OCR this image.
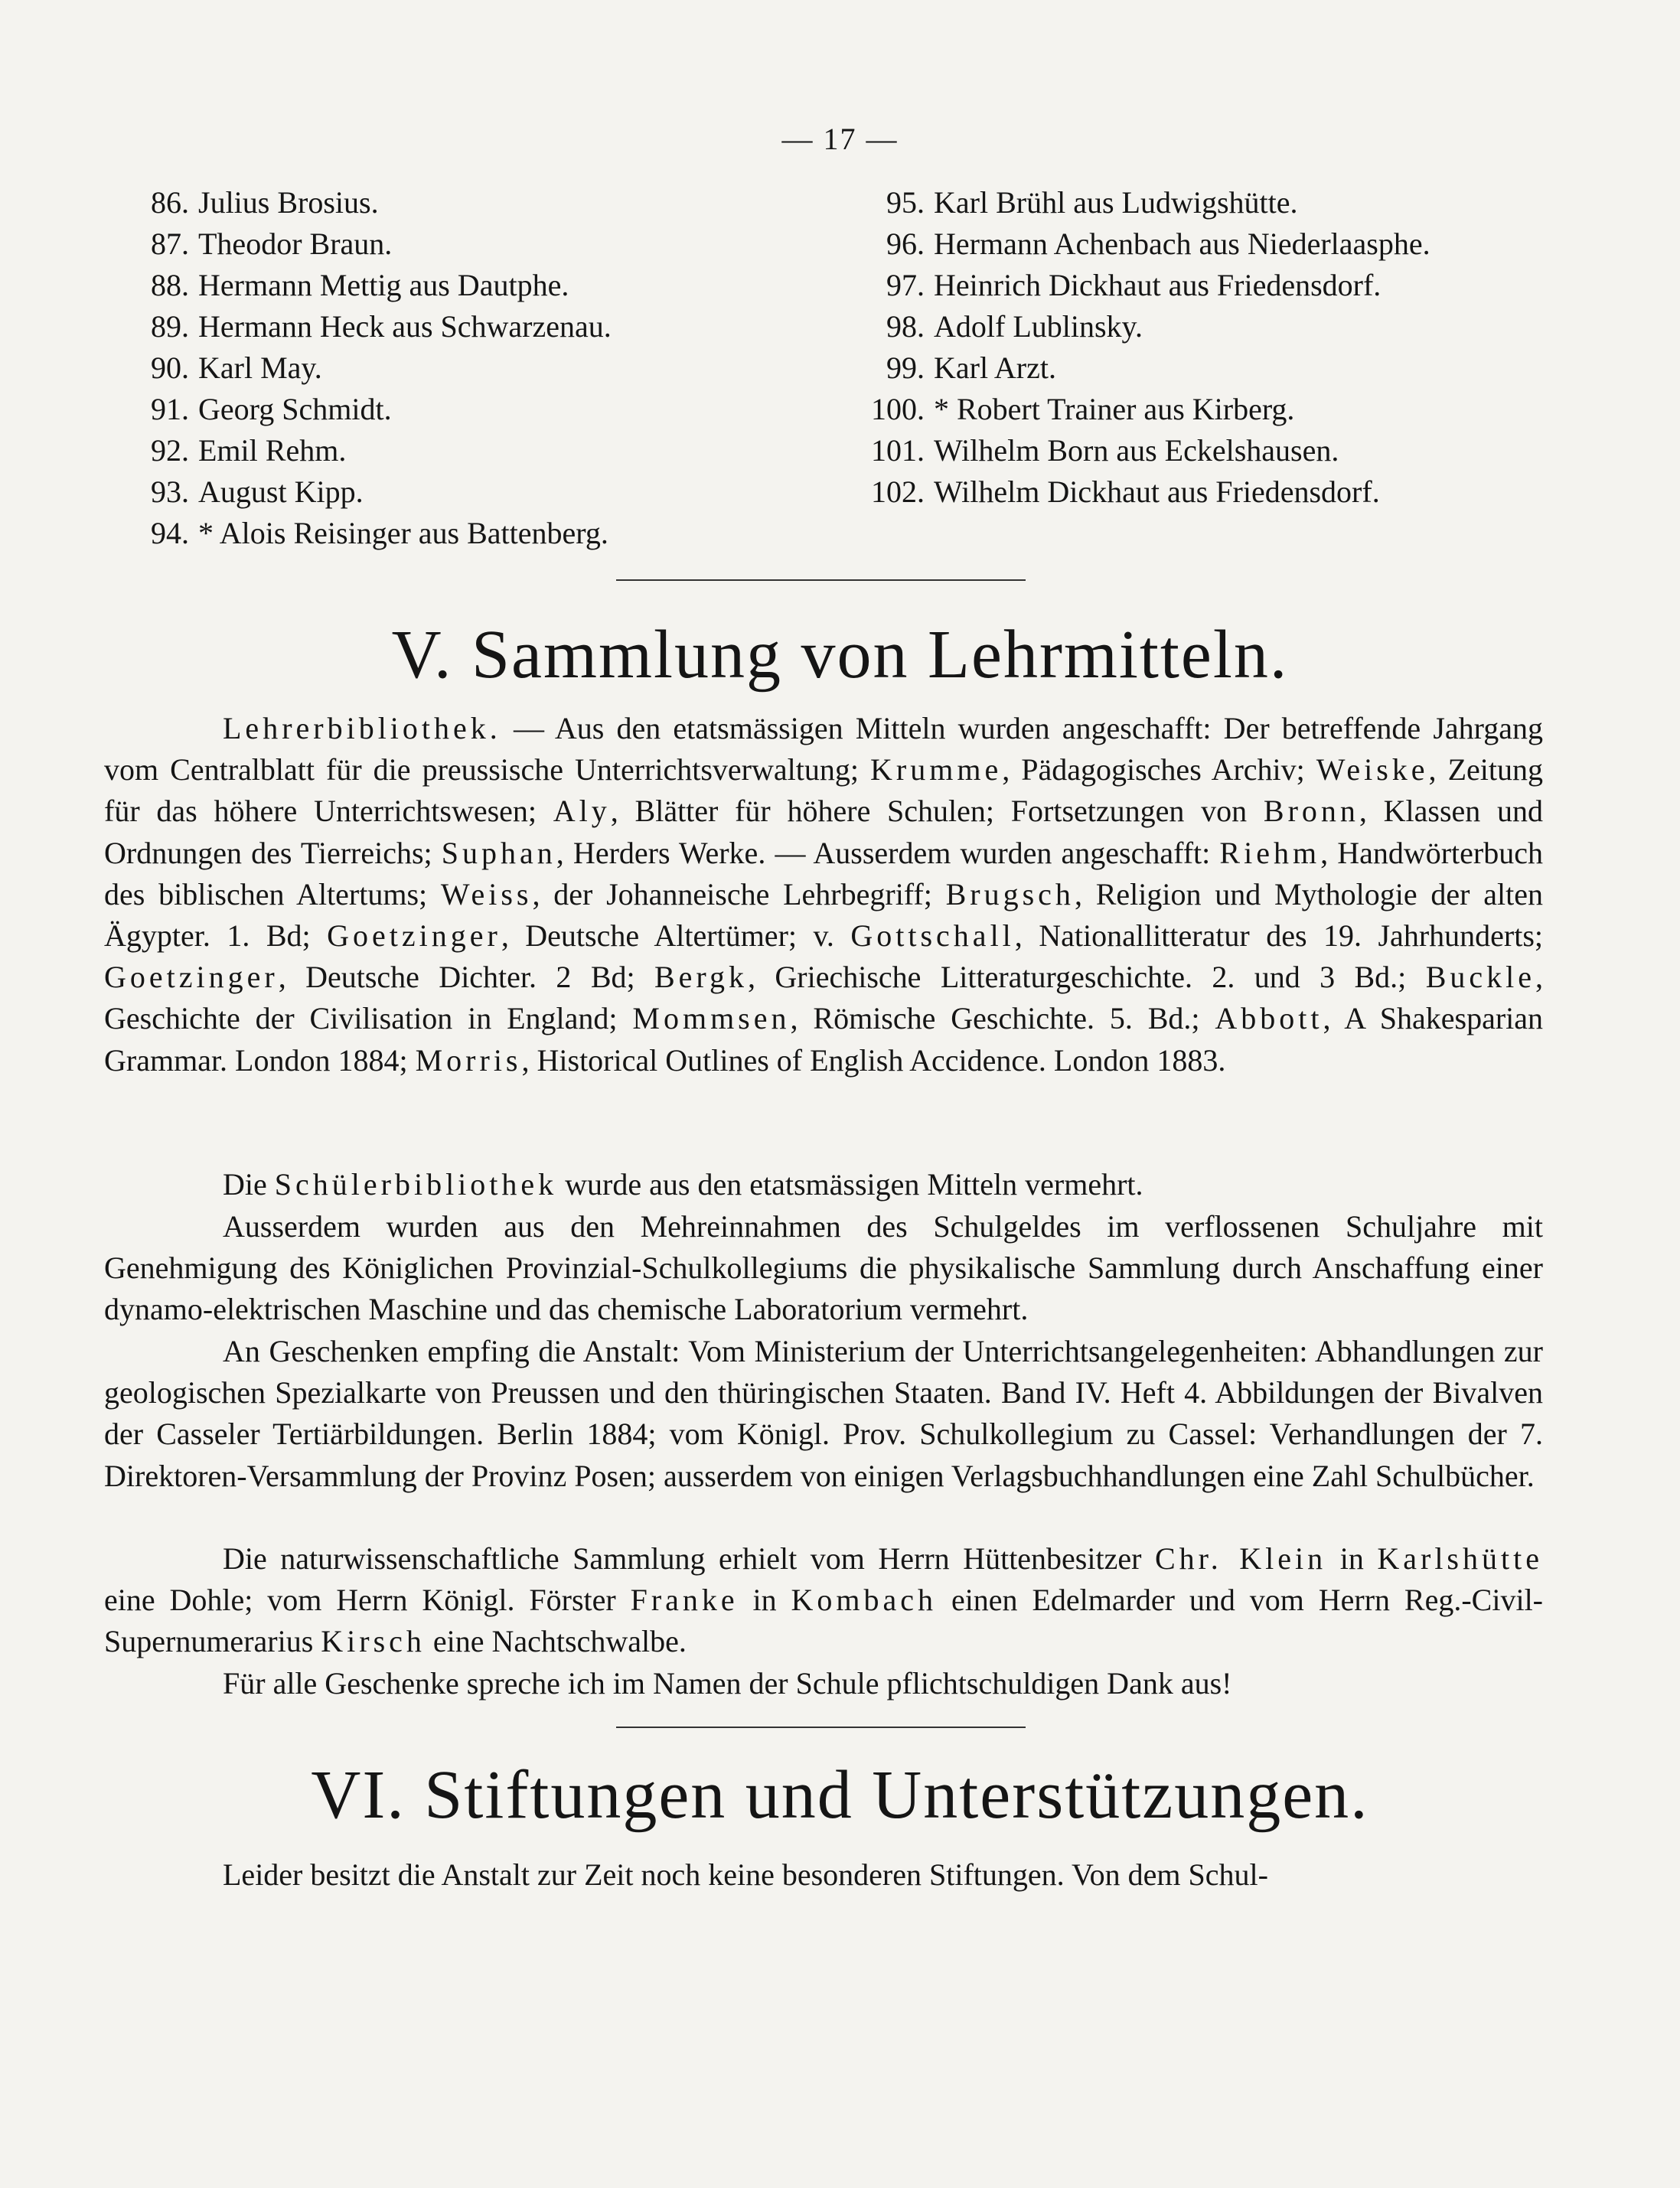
— 17 —
86. Julius Brosius.
87. Theodor Braun.
88. Hermann Mettig aus Dautphe.
89. Hermann Heck aus Schwarzenau.
90. Karl May.
91. Georg Schmidt.
92. Emil Rehm.
93. August Kipp.
94. * Alois Reisinger aus Battenberg.
95. Karl Brühl aus Ludwigshütte.
96. Hermann Achenbach aus Niederlaasphe.
97. Heinrich Dickhaut aus Friedensdorf.
98. Adolf Lublinsky.
99. Karl Arzt.
100. * Robert Trainer aus Kirberg.
101. Wilhelm Born aus Eckelshausen.
102. Wilhelm Dickhaut aus Friedensdorf.
V. Sammlung von Lehrmitteln.

Lehrerbibliothek. — Aus den etatsmässigen Mitteln wurden angeschafft: Der betreffende Jahrgang vom Centralblatt für die preussische Unterrichtsverwaltung; Krumme, Pädagogisches Archiv; Weiske, Zeitung für das höhere Unterrichtswesen; Aly, Blätter für höhere Schulen; Fortsetzungen von Bronn, Klassen und Ordnungen des Tierreichs; Suphan, Herders Werke. — Ausserdem wurden angeschafft: Riehm, Handwörterbuch des biblischen Altertums; Weiss, der Johanneische Lehrbegriff; Brugsch, Religion und Mythologie der alten Ägypter. 1. Bd; Goetzinger, Deutsche Altertümer; v. Gottschall, Nationallitteratur des 19. Jahrhunderts; Goetzinger, Deutsche Dichter. 2 Bd; Bergk, Griechische Litteraturgeschichte. 2. und 3 Bd.; Buckle, Geschichte der Civilisation in England; Mommsen, Römische Geschichte. 5. Bd.; Abbott, A Shakesparian Grammar. London 1884; Morris, Historical Outlines of English Accidence. London 1883.

Die Schülerbibliothek wurde aus den etatsmässigen Mitteln vermehrt.

Ausserdem wurden aus den Mehreinnahmen des Schulgeldes im verflossenen Schuljahre mit Genehmigung des Königlichen Provinzial-Schulkollegiums die physikalische Sammlung durch Anschaffung einer dynamo-elektrischen Maschine und das chemische Laboratorium vermehrt.

An Geschenken empfing die Anstalt: Vom Ministerium der Unterrichtsangelegenheiten: Abhandlungen zur geologischen Spezialkarte von Preussen und den thüringischen Staaten. Band IV. Heft 4. Abbildungen der Bivalven der Casseler Tertiärbildungen. Berlin 1884; vom Königl. Prov. Schulkollegium zu Cassel: Verhandlungen der 7. Direktoren-Versammlung der Provinz Posen; ausserdem von einigen Verlagsbuchhandlungen eine Zahl Schulbücher.

Die naturwissenschaftliche Sammlung erhielt vom Herrn Hüttenbesitzer Chr. Klein in Karlshütte eine Dohle; vom Herrn Königl. Förster Franke in Kombach einen Edelmarder und vom Herrn Reg.-Civil-Supernumerarius Kirsch eine Nachtschwalbe.

Für alle Geschenke spreche ich im Namen der Schule pflichtschuldigen Dank aus!

VI. Stiftungen und Unterstützungen.

Leider besitzt die Anstalt zur Zeit noch keine besonderen Stiftungen. Von dem Schul-
